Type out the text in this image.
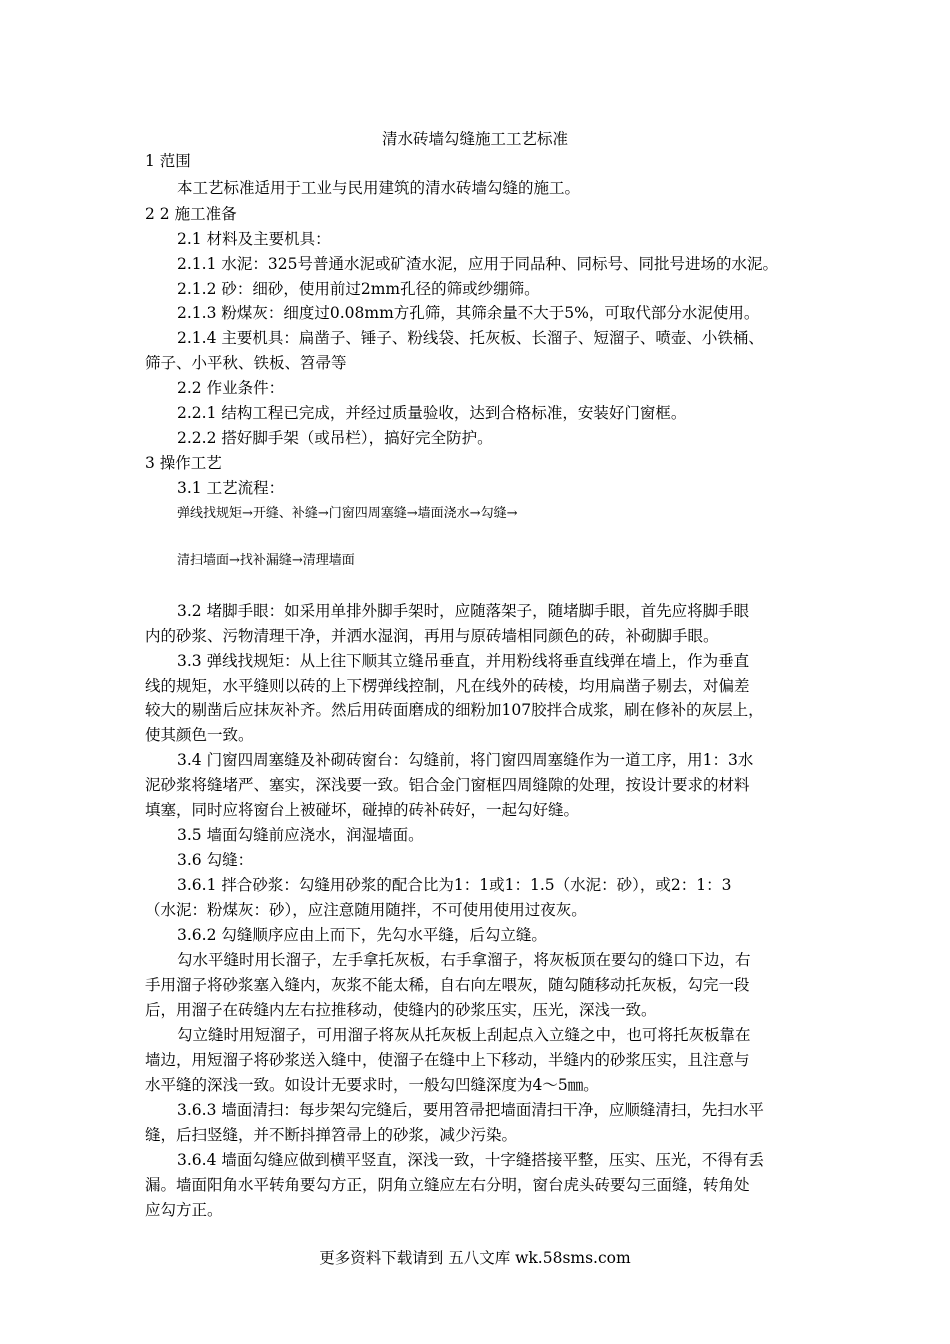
清水砖墙勾缝施工工艺标准
1 范围
本工艺标准适用于工业与民用建筑的清水砖墙勾缝的施工。
2 2 施工准备
2.1 材料及主要机具：
2.1.1 水泥：325号普通水泥或矿渣水泥，应用于同品种、同标号、同批号进场的水泥。
2.1.2 砂：细砂，使用前过2mm孔径的筛或纱绷筛。
2.1.3 粉煤灰：细度过0.08mm方孔筛，其筛余量不大于5%，可取代部分水泥使用。
2.1.4 主要机具：扁凿子、锤子、粉线袋、托灰板、长溜子、短溜子、喷壶、小铁桶、
筛子、小平秋、铁板、笤帚等
2.2 作业条件：
2.2.1 结构工程已完成，并经过质量验收，达到合格标准，安装好门窗框。
2.2.2 搭好脚手架（或吊栏），搞好完全防护。
3 操作工艺
3.1 工艺流程：
弹线找规矩→开缝、补缝→门窗四周塞缝→墙面浇水→勾缝→
清扫墙面→找补漏缝→清理墙面
3.2 堵脚手眼：如采用单排外脚手架时，应随落架子，随堵脚手眼，首先应将脚手眼
内的砂浆、污物清理干净，并洒水湿润，再用与原砖墙相同颜色的砖，补砌脚手眼。
3.3 弹线找规矩：从上往下顺其立缝吊垂直，并用粉线将垂直线弹在墙上，作为垂直
线的规矩，水平缝则以砖的上下楞弹线控制，凡在线外的砖棱，均用扁凿子剔去，对偏差
较大的剔凿后应抹灰补齐。然后用砖面磨成的细粉加107胶拌合成浆，刷在修补的灰层上，
使其颜色一致。
3.4 门窗四周塞缝及补砌砖窗台：勾缝前，将门窗四周塞缝作为一道工序，用1：3水
泥砂浆将缝堵严、塞实，深浅要一致。铝合金门窗框四周缝隙的处理，按设计要求的材料
填塞，同时应将窗台上被碰坏，碰掉的砖补砖好，一起勾好缝。
3.5 墙面勾缝前应浇水，润湿墙面。
3.6 勾缝：
3.6.1 拌合砂浆：勾缝用砂浆的配合比为1：1或1：1.5（水泥：砂），或2：1：3
（水泥：粉煤灰：砂），应注意随用随拌，不可使用使用过夜灰。
3.6.2 勾缝顺序应由上而下，先勾水平缝，后勾立缝。
勾水平缝时用长溜子，左手拿托灰板，右手拿溜子，将灰板顶在要勾的缝口下边，右
手用溜子将砂浆塞入缝内，灰浆不能太稀，自右向左喂灰，随勾随移动托灰板，勾完一段
后，用溜子在砖缝内左右拉推移动，使缝内的砂浆压实，压光，深浅一致。
勾立缝时用短溜子，可用溜子将灰从托灰板上刮起点入立缝之中，也可将托灰板靠在
墙边，用短溜子将砂浆送入缝中，使溜子在缝中上下移动，半缝内的砂浆压实，且注意与
水平缝的深浅一致。如设计无要求时，一般勾凹缝深度为4～5㎜。
3.6.3 墙面清扫：每步架勾完缝后，要用笤帚把墙面清扫干净，应顺缝清扫，先扫水平
缝，后扫竖缝，并不断抖掸笤帚上的砂浆，减少污染。
3.6.4 墙面勾缝应做到横平竖直，深浅一致，十字缝搭接平整，压实、压光，不得有丢
漏。墙面阳角水平转角要勾方正，阴角立缝应左右分明，窗台虎头砖要勾三面缝，转角处
应勾方正。
更多资料下载请到 五八文库 wk.58sms.com
